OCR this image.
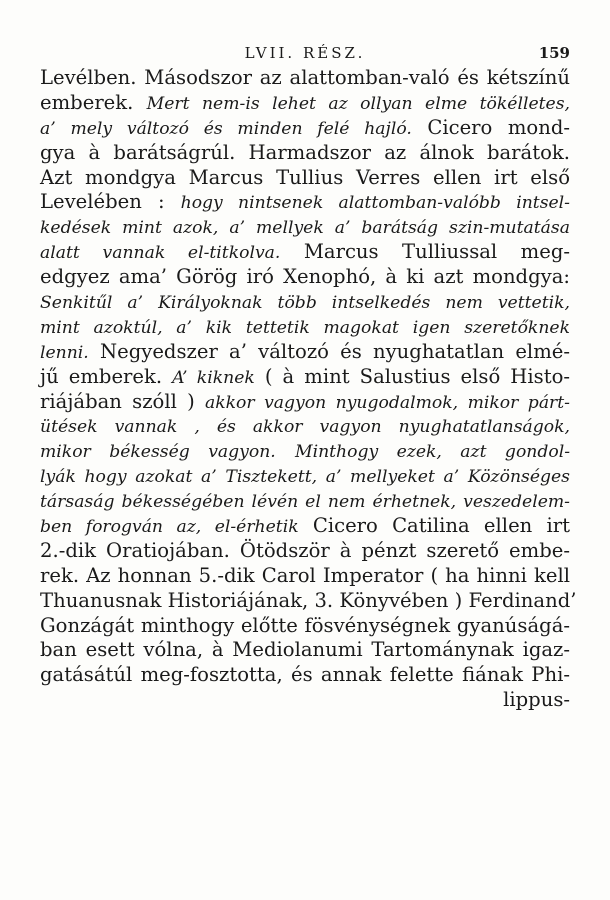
LVII. RÉSZ.	159
Levélben. Másodszor az alattomban-való és kétszínű
emberek. Mert nem-is lehet az ollyan elme tökélletes,
a’ mely változó és minden felé hajló. Cicero mond-
gya à barátságrúl. Harmadszor az álnok barátok.
Azt mondgya Marcus Tullius Verres ellen irt első
Levelében : hogy nintsenek alattomban-valóbb intsel-
kedések mint azok, a’ mellyek a’ barátság szin-mutatása
alatt vannak el-titkolva. Marcus Tulliussal meg-
edgyez ama’ Görög iró Xenophó, à ki azt mondgya:
Senkitűl a’ Királyoknak több intselkedés nem vettetik,
mint azoktúl, a’ kik tettetik magokat igen szeretőknek
lenni. Negyedszer a’ változó és nyughatatlan elmé-
jű emberek. A’ kiknek ( à mint Salustius első Histo-
riájában szóll ) akkor vagyon nyugodalmok, mikor párt-
ütések vannak , és akkor vagyon nyughatatlanságok,
mikor békesség vagyon. Minthogy ezek, azt gondol-
lyák hogy azokat a’ Tisztekett, a’ mellyeket a’ Közönséges
társaság békességében lévén el nem érhetnek, veszedelem-
ben forogván az, el-érhetik Cicero Catilina ellen irt
2.-dik Oratiojában. Ötödször à pénzt szerető embe-
rek. Az honnan 5.-dik Carol Imperator ( ha hinni kell
Thuanusnak Historiájának, 3. Könyvében ) Ferdinand’
Gonzágát minthogy előtte fösvénységnek gyanúságá-
ban esett vólna, à Mediolanumi Tartománynak igaz-
gatásátúl meg-fosztotta, és annak felette fiának Phi-
lippus-
